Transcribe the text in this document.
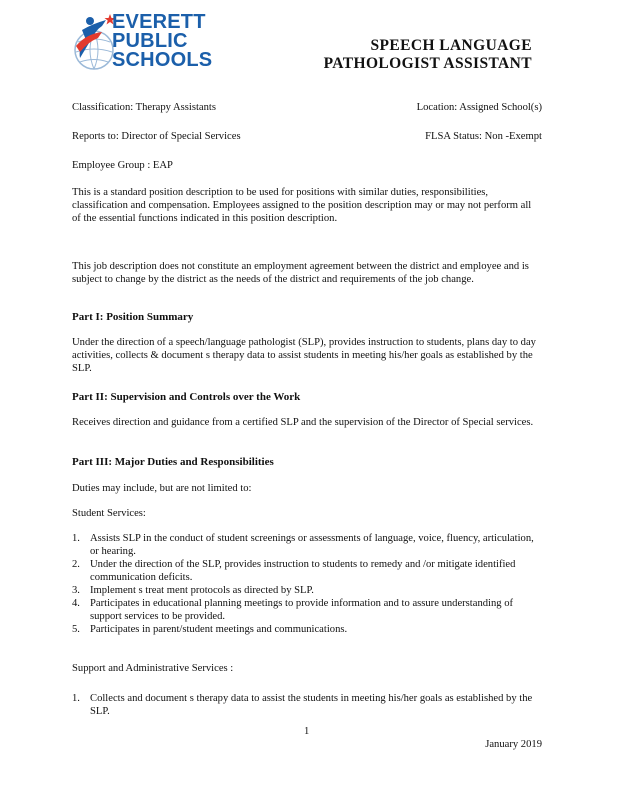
EVERETT
PUBLIC
SCHOOLS
SPEECH LANGUAGE
PATHOLOGIST ASSISTANT
Classification: Therapy Assistants	Location: Assigned School(s)
Reports to: Director of Special Services	FLSA Status: Non -Exempt
Employee Group : EAP
This is a standard position description to be used for positions with similar duties, responsibilities, classification and compensation. Employees assigned to the position description may or may not perform all of the essential functions indicated in this position description.
This job description does not constitute an employment agreement between the district and employee and is subject to change by the district as the needs of the district and requirements of the job change.
Part I: Position Summary
Under the direction of a speech/language pathologist (SLP), provides instruction to students, plans day to day activities, collects & document s therapy data to assist students in meeting his/her goals as established by the SLP.
Part II: Supervision and Controls over the Work
Receives direction and guidance from a certified SLP and the supervision of the Director of Special services.
Part III: Major Duties and Responsibilities
Duties may include, but are not limited to:
Student Services:
1. Assists SLP in the conduct of student screenings or assessments of language, voice, fluency, articulation, or hearing.
2. Under the direction of the SLP, provides instruction to students to remedy and /or mitigate identified communication deficits.
3. Implement s treat ment protocols as directed by SLP.
4. Participates in educational planning meetings to provide information and to assure understanding of support services to be provided.
5. Participates in parent/student meetings and communications.
Support and Administrative Services :
1. Collects and document s therapy data to assist the students in meeting his/her goals as established by the SLP.
1
January 2019
